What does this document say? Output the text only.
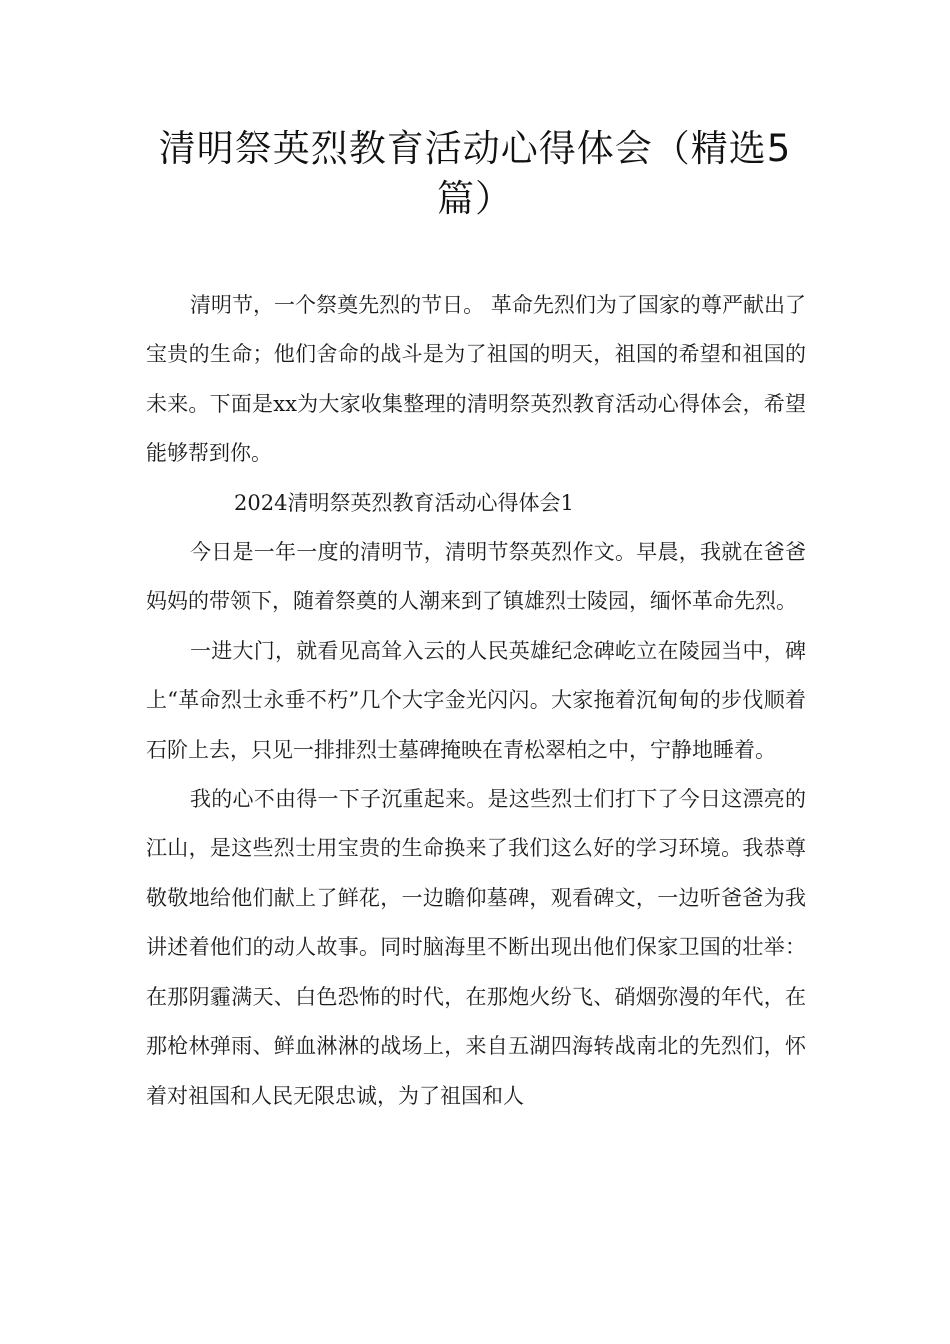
清明祭英烈教育活动心得体会（精选5篇）

清明节，一个祭奠先烈的节日。 革命先烈们为了国家的尊严献出了宝贵的生命；他们舍命的战斗是为了祖国的明天，祖国的希望和祖国的未来。下面是xx为大家收集整理的清明祭英烈教育活动心得体会，希望能够帮到你。

2024清明祭英烈教育活动心得体会1

今日是一年一度的清明节，清明节祭英烈作文。早晨，我就在爸爸妈妈的带领下，随着祭奠的人潮来到了镇雄烈士陵园，缅怀革命先烈。

一进大门，就看见高耸入云的人民英雄纪念碑屹立在陵园当中，碑上“革命烈士永垂不朽”几个大字金光闪闪。大家拖着沉甸甸的步伐顺着石阶上去，只见一排排烈士墓碑掩映在青松翠柏之中，宁静地睡着。

我的心不由得一下子沉重起来。是这些烈士们打下了今日这漂亮的江山，是这些烈士用宝贵的生命换来了我们这么好的学习环境。我恭尊敬敬地给他们献上了鲜花，一边瞻仰墓碑，观看碑文，一边听爸爸为我讲述着他们的动人故事。同时脑海里不断出现出他们保家卫国的壮举：在那阴霾满天、白色恐怖的时代，在那炮火纷飞、硝烟弥漫的年代，在那枪林弹雨、鲜血淋淋的战场上，来自五湖四海转战南北的先烈们，怀着对祖国和人民无限忠诚，为了祖国和人
